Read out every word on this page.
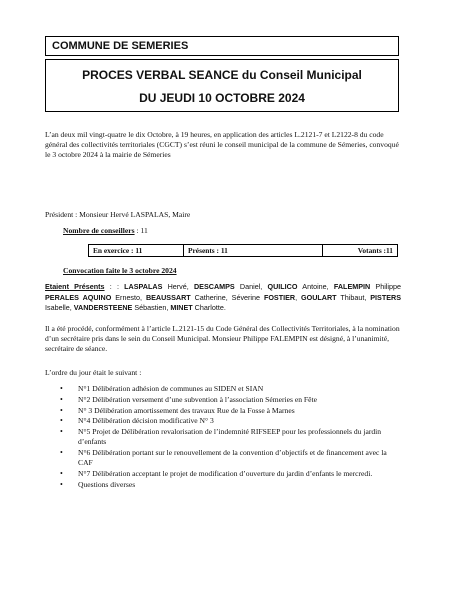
COMMUNE DE SEMERIES
PROCES VERBAL SEANCE du Conseil Municipal
DU JEUDI 10 OCTOBRE 2024
L’an deux mil vingt-quatre le dix Octobre, à 19 heures, en application des articles L.2121-7 et L2122-8 du code général des collectivités territoriales (CGCT) s’est réuni le conseil municipal de la commune de Sémeries, convoqué le 3 octobre 2024 à la mairie de Sémeries
Président : Monsieur Hervé LASPALAS, Maire
Nombre de conseillers : 11
En exercice : 11	Présents : 11	Votants :11
Convocation faite le 3 octobre 2024
Etaient Présents : : LASPALAS Hervé, DESCAMPS Daniel, QUILICO Antoine, FALEMPIN Philippe PERALES AQUINO Ernesto, BEAUSSART Catherine, Séverine FOSTIER, GOULART Thibaut, PISTERS Isabelle, VANDERSTEENE Sébastien, MINET Charlotte.
Il a été procédé, conformément à l’article L.2121-15 du Code Général des Collectivités Territoriales, à la nomination d’un secrétaire pris dans le sein du Conseil Municipal. Monsieur Philippe FALEMPIN est désigné, à l’unanimité, secrétaire de séance.
L’ordre du jour était le suivant :
• N°1 Délibération adhésion de communes au SIDEN et SIAN
• N°2 Délibération versement d’une subvention à l’association Sémeries en Fête
• N° 3 Délibération amortissement des travaux Rue de la Fosse à Marnes
• N°4 Délibération décision modificative N° 3
• N°5 Projet de Délibération revalorisation de l’indemnité RIFSEEP pour les professionnels du jardin d’enfants
• N°6 Délibération portant sur le renouvellement de la convention d’objectifs et de financement avec la CAF
• N°7 Délibération acceptant le projet de modification d’ouverture du jardin d’enfants le mercredi.
• Questions diverses
